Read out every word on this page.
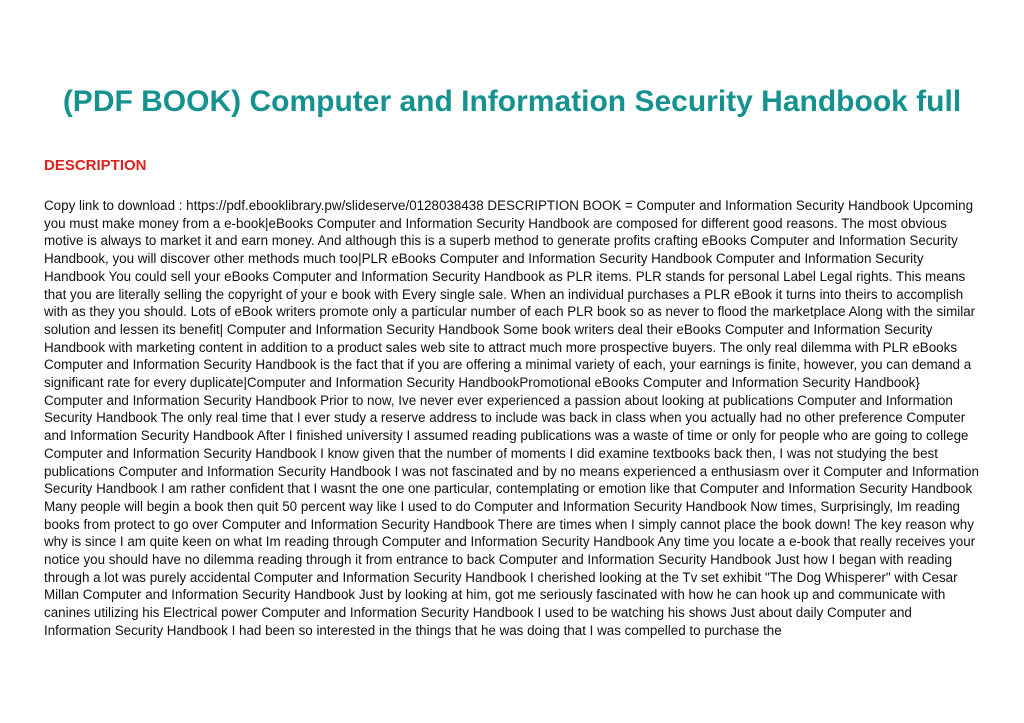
(PDF BOOK) Computer and Information Security Handbook full
DESCRIPTION

Copy link to download : https://pdf.ebooklibrary.pw/slideserve/0128038438 DESCRIPTION BOOK = Computer and Information Security Handbook Upcoming you must make money from a e-book|eBooks Computer and Information Security Handbook are composed for different good reasons. The most obvious motive is always to market it and earn money. And although this is a superb method to generate profits crafting eBooks Computer and Information Security Handbook, you will discover other methods much too|PLR eBooks Computer and Information Security Handbook Computer and Information Security Handbook You could sell your eBooks Computer and Information Security Handbook as PLR items. PLR stands for personal Label Legal rights. This means that you are literally selling the copyright of your e book with Every single sale. When an individual purchases a PLR eBook it turns into theirs to accomplish with as they you should. Lots of eBook writers promote only a particular number of each PLR book so as never to flood the marketplace Along with the similar solution and lessen its benefit| Computer and Information Security Handbook Some book writers deal their eBooks Computer and Information Security Handbook with marketing content in addition to a product sales web site to attract much more prospective buyers. The only real dilemma with PLR eBooks Computer and Information Security Handbook is the fact that if you are offering a minimal variety of each, your earnings is finite, however, you can demand a significant rate for every duplicate|Computer and Information Security HandbookPromotional eBooks Computer and Information Security Handbook} Computer and Information Security Handbook Prior to now, Ive never ever experienced a passion about looking at publications Computer and Information Security Handbook The only real time that I ever study a reserve address to include was back in class when you actually had no other preference Computer and Information Security Handbook After I finished university I assumed reading publications was a waste of time or only for people who are going to college Computer and Information Security Handbook I know given that the number of moments I did examine textbooks back then, I was not studying the best publications Computer and Information Security Handbook I was not fascinated and by no means experienced a enthusiasm over it Computer and Information Security Handbook I am rather confident that I wasnt the one one particular, contemplating or emotion like that Computer and Information Security Handbook Many people will begin a book then quit 50 percent way like I used to do Computer and Information Security Handbook Now times, Surprisingly, Im reading books from protect to go over Computer and Information Security Handbook There are times when I simply cannot place the book down! The key reason why why is since I am quite keen on what Im reading through Computer and Information Security Handbook Any time you locate a e-book that really receives your notice you should have no dilemma reading through it from entrance to back Computer and Information Security Handbook Just how I began with reading through a lot was purely accidental Computer and Information Security Handbook I cherished looking at the Tv set exhibit "The Dog Whisperer" with Cesar Millan Computer and Information Security Handbook Just by looking at him, got me seriously fascinated with how he can hook up and communicate with canines utilizing his Electrical power Computer and Information Security Handbook I used to be watching his shows Just about daily Computer and Information Security Handbook I had been so interested in the things that he was doing that I was compelled to purchase the
